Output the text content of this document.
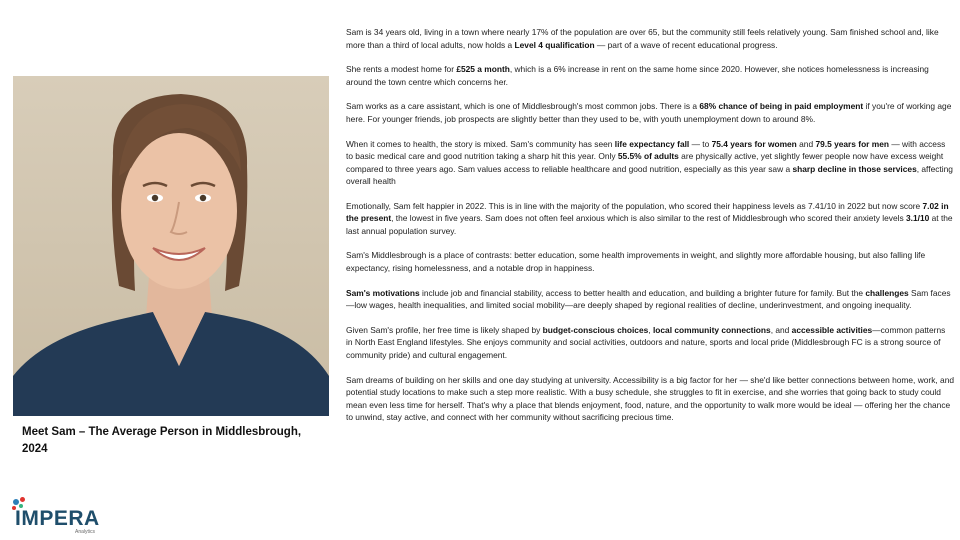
Meet Sam – The Average Person in Middlesbrough, 2024
IMPERA
Analytics

Sam is 34 years old, living in a town where nearly 17% of the population are over 65, but the community still feels relatively young. Sam finished school and, like more than a third of local adults, now holds a Level 4 qualification — part of a wave of recent educational progress.

She rents a modest home for £525 a month, which is a 6% increase in rent on the same home since 2020. However, she notices homelessness is increasing around the town centre which concerns her.

Sam works as a care assistant, which is one of Middlesbrough's most common jobs. There is a 68% chance of being in paid employment if you're of working age here. For younger friends, job prospects are slightly better than they used to be, with youth unemployment down to around 8%.

When it comes to health, the story is mixed. Sam's community has seen life expectancy fall — to 75.4 years for women and 79.5 years for men — with access to basic medical care and good nutrition taking a sharp hit this year. Only 55.5% of adults are physically active, yet slightly fewer people now have excess weight compared to three years ago. Sam values access to reliable healthcare and good nutrition, especially as this year saw a sharp decline in those services, affecting overall health

Emotionally, Sam felt happier in 2022. This is in line with the majority of the population, who scored their happiness levels as 7.41/10 in 2022 but now score 7.02 in the present, the lowest in five years. Sam does not often feel anxious which is also similar to the rest of Middlesbrough who scored their anxiety levels 3.1/10 at the last annual population survey.

Sam's Middlesbrough is a place of contrasts: better education, some health improvements in weight, and slightly more affordable housing, but also falling life expectancy, rising homelessness, and a notable drop in happiness.

Sam's motivations include job and financial stability, access to better health and education, and building a brighter future for family. But the challenges Sam faces—low wages, health inequalities, and limited social mobility—are deeply shaped by regional realities of decline, underinvestment, and ongoing inequality.

Given Sam's profile, her free time is likely shaped by budget-conscious choices, local community connections, and accessible activities—common patterns in North East England lifestyles. She enjoys community and social activities, outdoors and nature, sports and local pride (Middlesbrough FC is a strong source of community pride) and cultural engagement.

Sam dreams of building on her skills and one day studying at university. Accessibility is a big factor for her — she'd like better connections between home, work, and potential study locations to make such a step more realistic. With a busy schedule, she struggles to fit in exercise, and she worries that going back to study could mean even less time for herself. That's why a place that blends enjoyment, food, nature, and the opportunity to walk more would be ideal — offering her the chance to unwind, stay active, and connect with her community without sacrificing precious time.
